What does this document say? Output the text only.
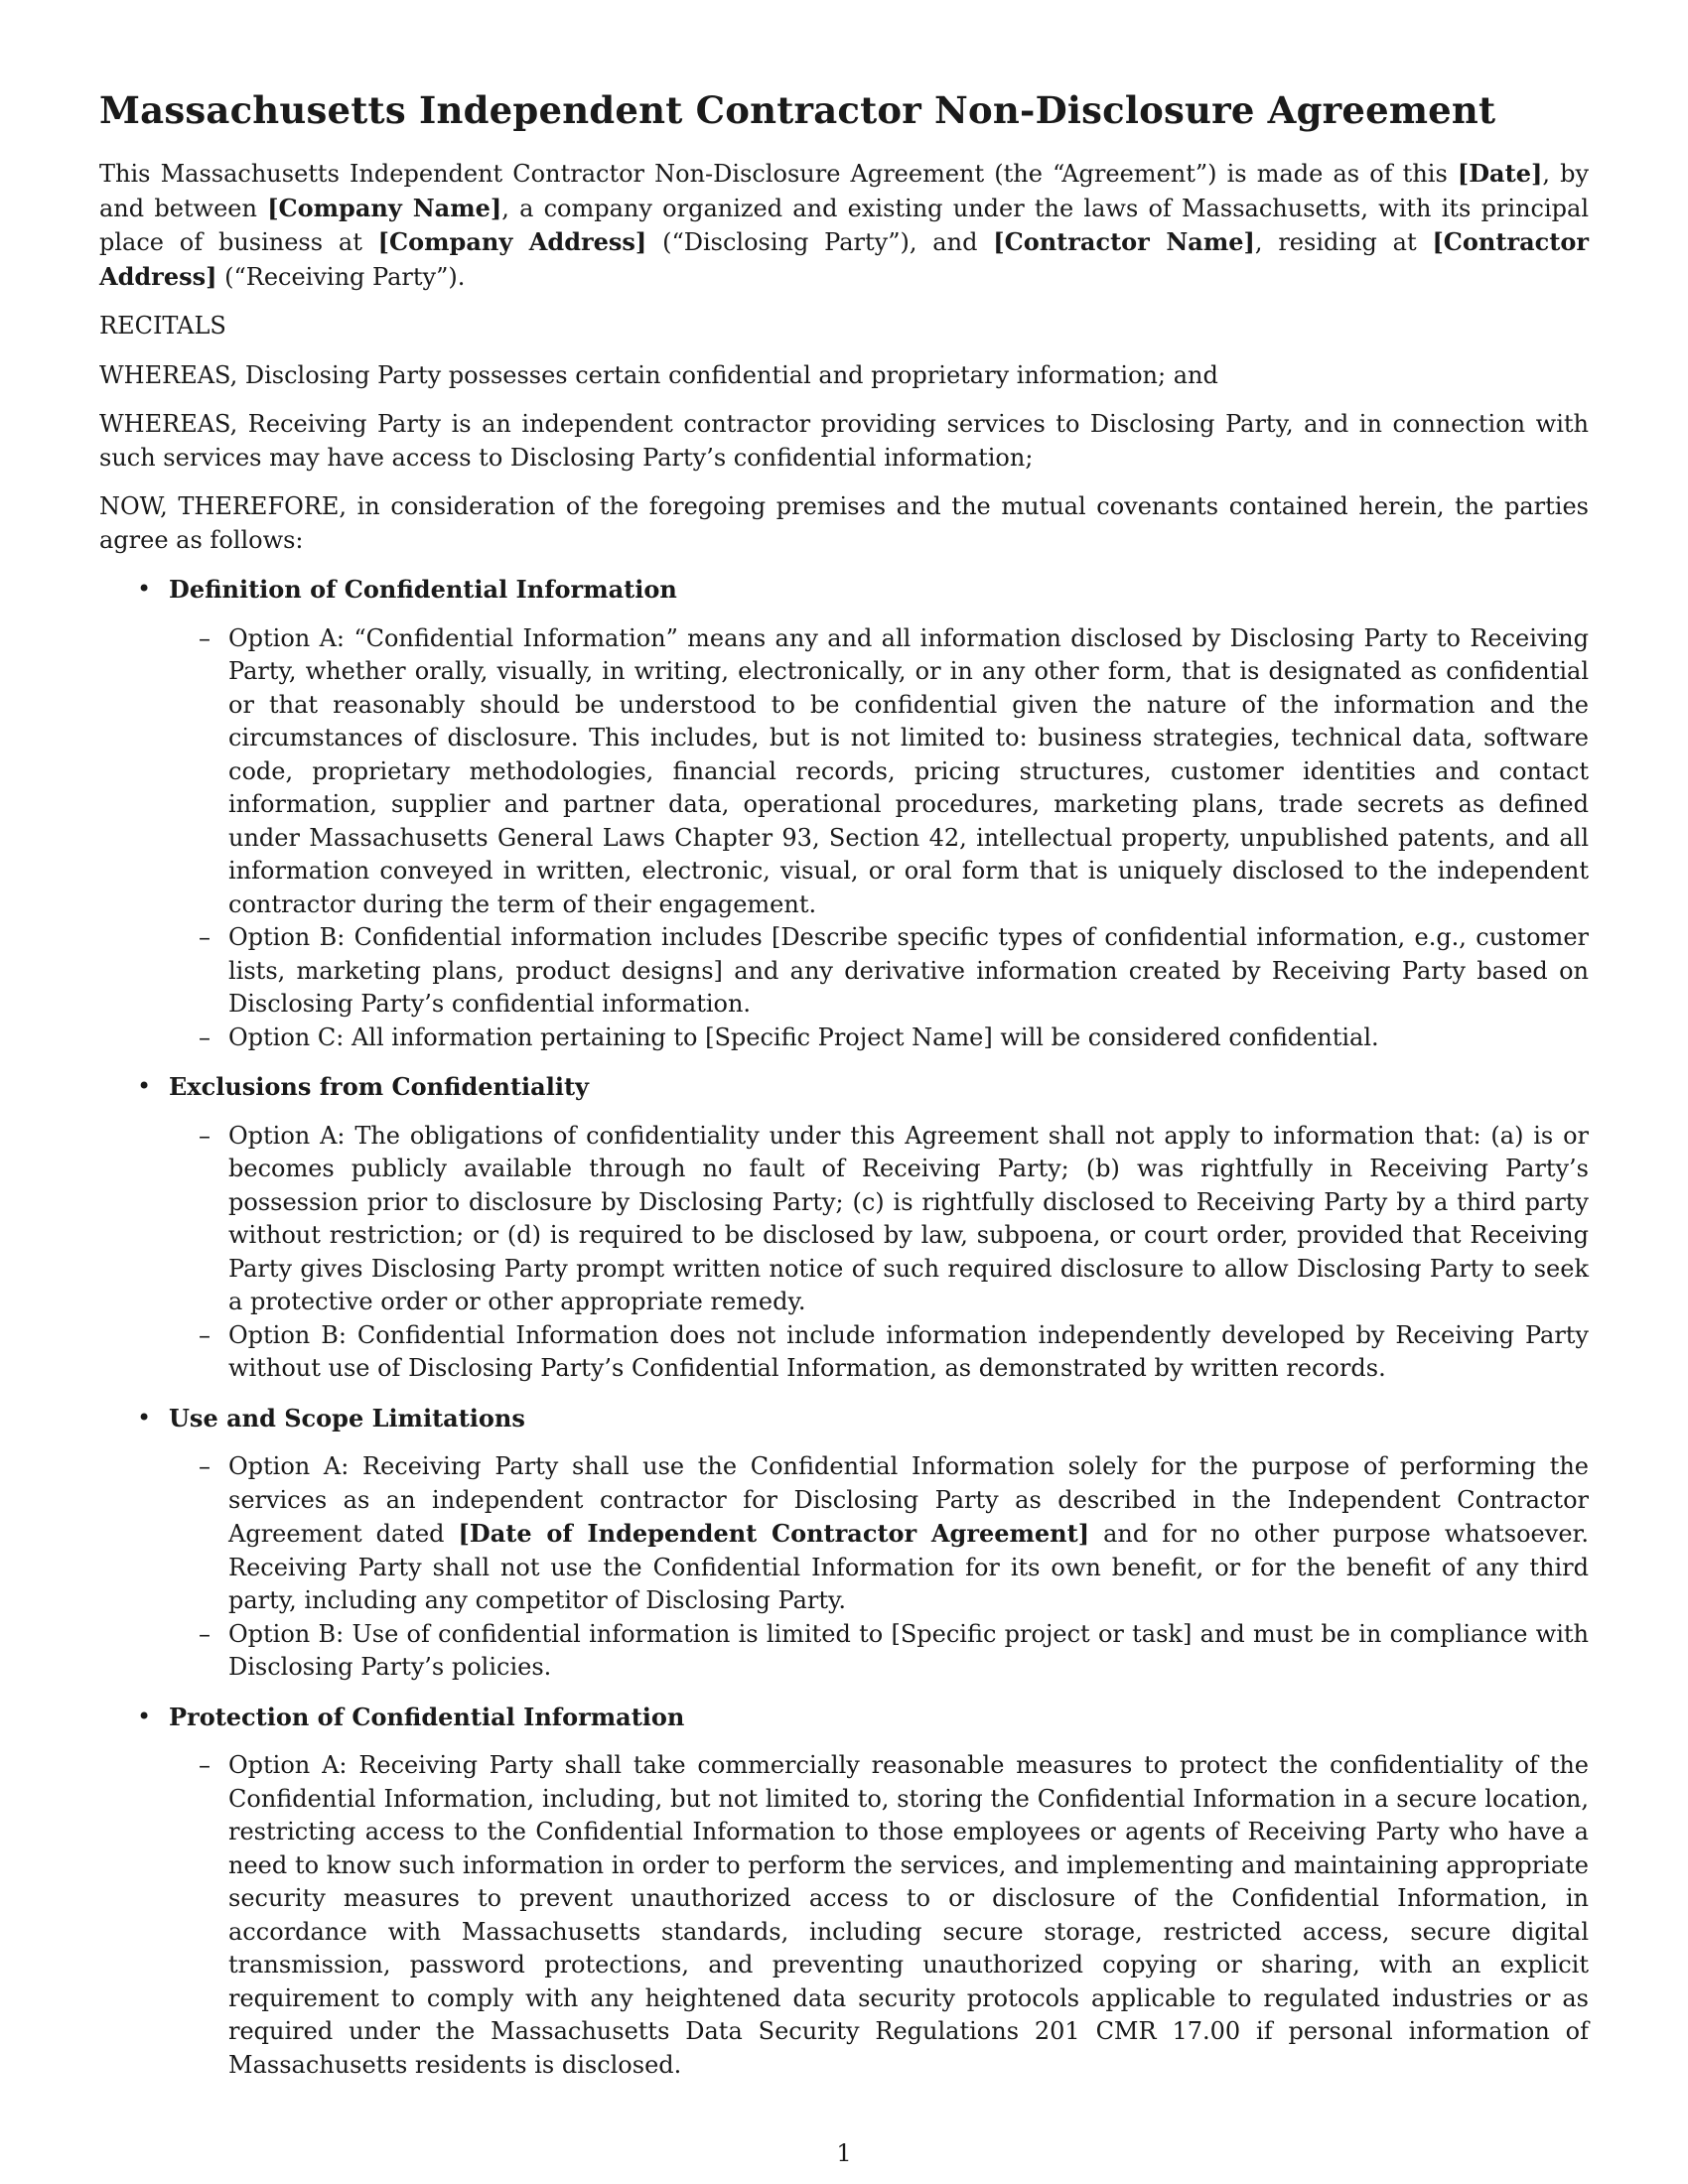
Massachusetts Independent Contractor Non-Disclosure Agreement

This Massachusetts Independent Contractor Non-Disclosure Agreement (the “Agreement”) is made as of this [Date], by and between [Company Name], a company organized and existing under the laws of Massachusetts, with its principal place of business at [Company Address] (“Disclosing Party”), and [Contractor Name], residing at [Contractor Address] (“Receiving Party”).

RECITALS

WHEREAS, Disclosing Party possesses certain confidential and proprietary information; and

WHEREAS, Receiving Party is an independent contractor providing services to Disclosing Party, and in connection with such services may have access to Disclosing Party’s confidential information;

NOW, THEREFORE, in consideration of the foregoing premises and the mutual covenants contained herein, the parties agree as follows:

• Definition of Confidential Information
– Option A: “Confidential Information” means any and all information disclosed by Disclosing Party to Receiving Party, whether orally, visually, in writing, electronically, or in any other form, that is designated as confidential or that reasonably should be understood to be confidential given the nature of the information and the circumstances of disclosure. This includes, but is not limited to: business strategies, technical data, software code, proprietary methodologies, financial records, pricing structures, customer identities and contact information, supplier and partner data, operational procedures, marketing plans, trade secrets as defined under Massachusetts General Laws Chapter 93, Section 42, intellectual property, unpublished patents, and all information conveyed in written, electronic, visual, or oral form that is uniquely disclosed to the independent contractor during the term of their engagement.
– Option B: Confidential information includes [Describe specific types of confidential information, e.g., customer lists, marketing plans, product designs] and any derivative information created by Receiving Party based on Disclosing Party’s confidential information.
– Option C: All information pertaining to [Specific Project Name] will be considered confidential.
• Exclusions from Confidentiality
– Option A: The obligations of confidentiality under this Agreement shall not apply to information that: (a) is or becomes publicly available through no fault of Receiving Party; (b) was rightfully in Receiving Party’s possession prior to disclosure by Disclosing Party; (c) is rightfully disclosed to Receiving Party by a third party without restriction; or (d) is required to be disclosed by law, subpoena, or court order, provided that Receiving Party gives Disclosing Party prompt written notice of such required disclosure to allow Disclosing Party to seek a protective order or other appropriate remedy.
– Option B: Confidential Information does not include information independently developed by Receiving Party without use of Disclosing Party’s Confidential Information, as demonstrated by written records.
• Use and Scope Limitations
– Option A: Receiving Party shall use the Confidential Information solely for the purpose of performing the services as an independent contractor for Disclosing Party as described in the Independent Contractor Agreement dated [Date of Independent Contractor Agreement] and for no other purpose whatsoever. Receiving Party shall not use the Confidential Information for its own benefit, or for the benefit of any third party, including any competitor of Disclosing Party.
– Option B: Use of confidential information is limited to [Specific project or task] and must be in compliance with Disclosing Party’s policies.
• Protection of Confidential Information
– Option A: Receiving Party shall take commercially reasonable measures to protect the confidentiality of the Confidential Information, including, but not limited to, storing the Confidential Information in a secure location, restricting access to the Confidential Information to those employees or agents of Receiving Party who have a need to know such information in order to perform the services, and implementing and maintaining appropriate security measures to prevent unauthorized access to or disclosure of the Confidential Information, in accordance with Massachusetts standards, including secure storage, restricted access, secure digital transmission, password protections, and preventing unauthorized copying or sharing, with an explicit requirement to comply with any heightened data security protocols applicable to regulated industries or as required under the Massachusetts Data Security Regulations 201 CMR 17.00 if personal information of Massachusetts residents is disclosed.
1
